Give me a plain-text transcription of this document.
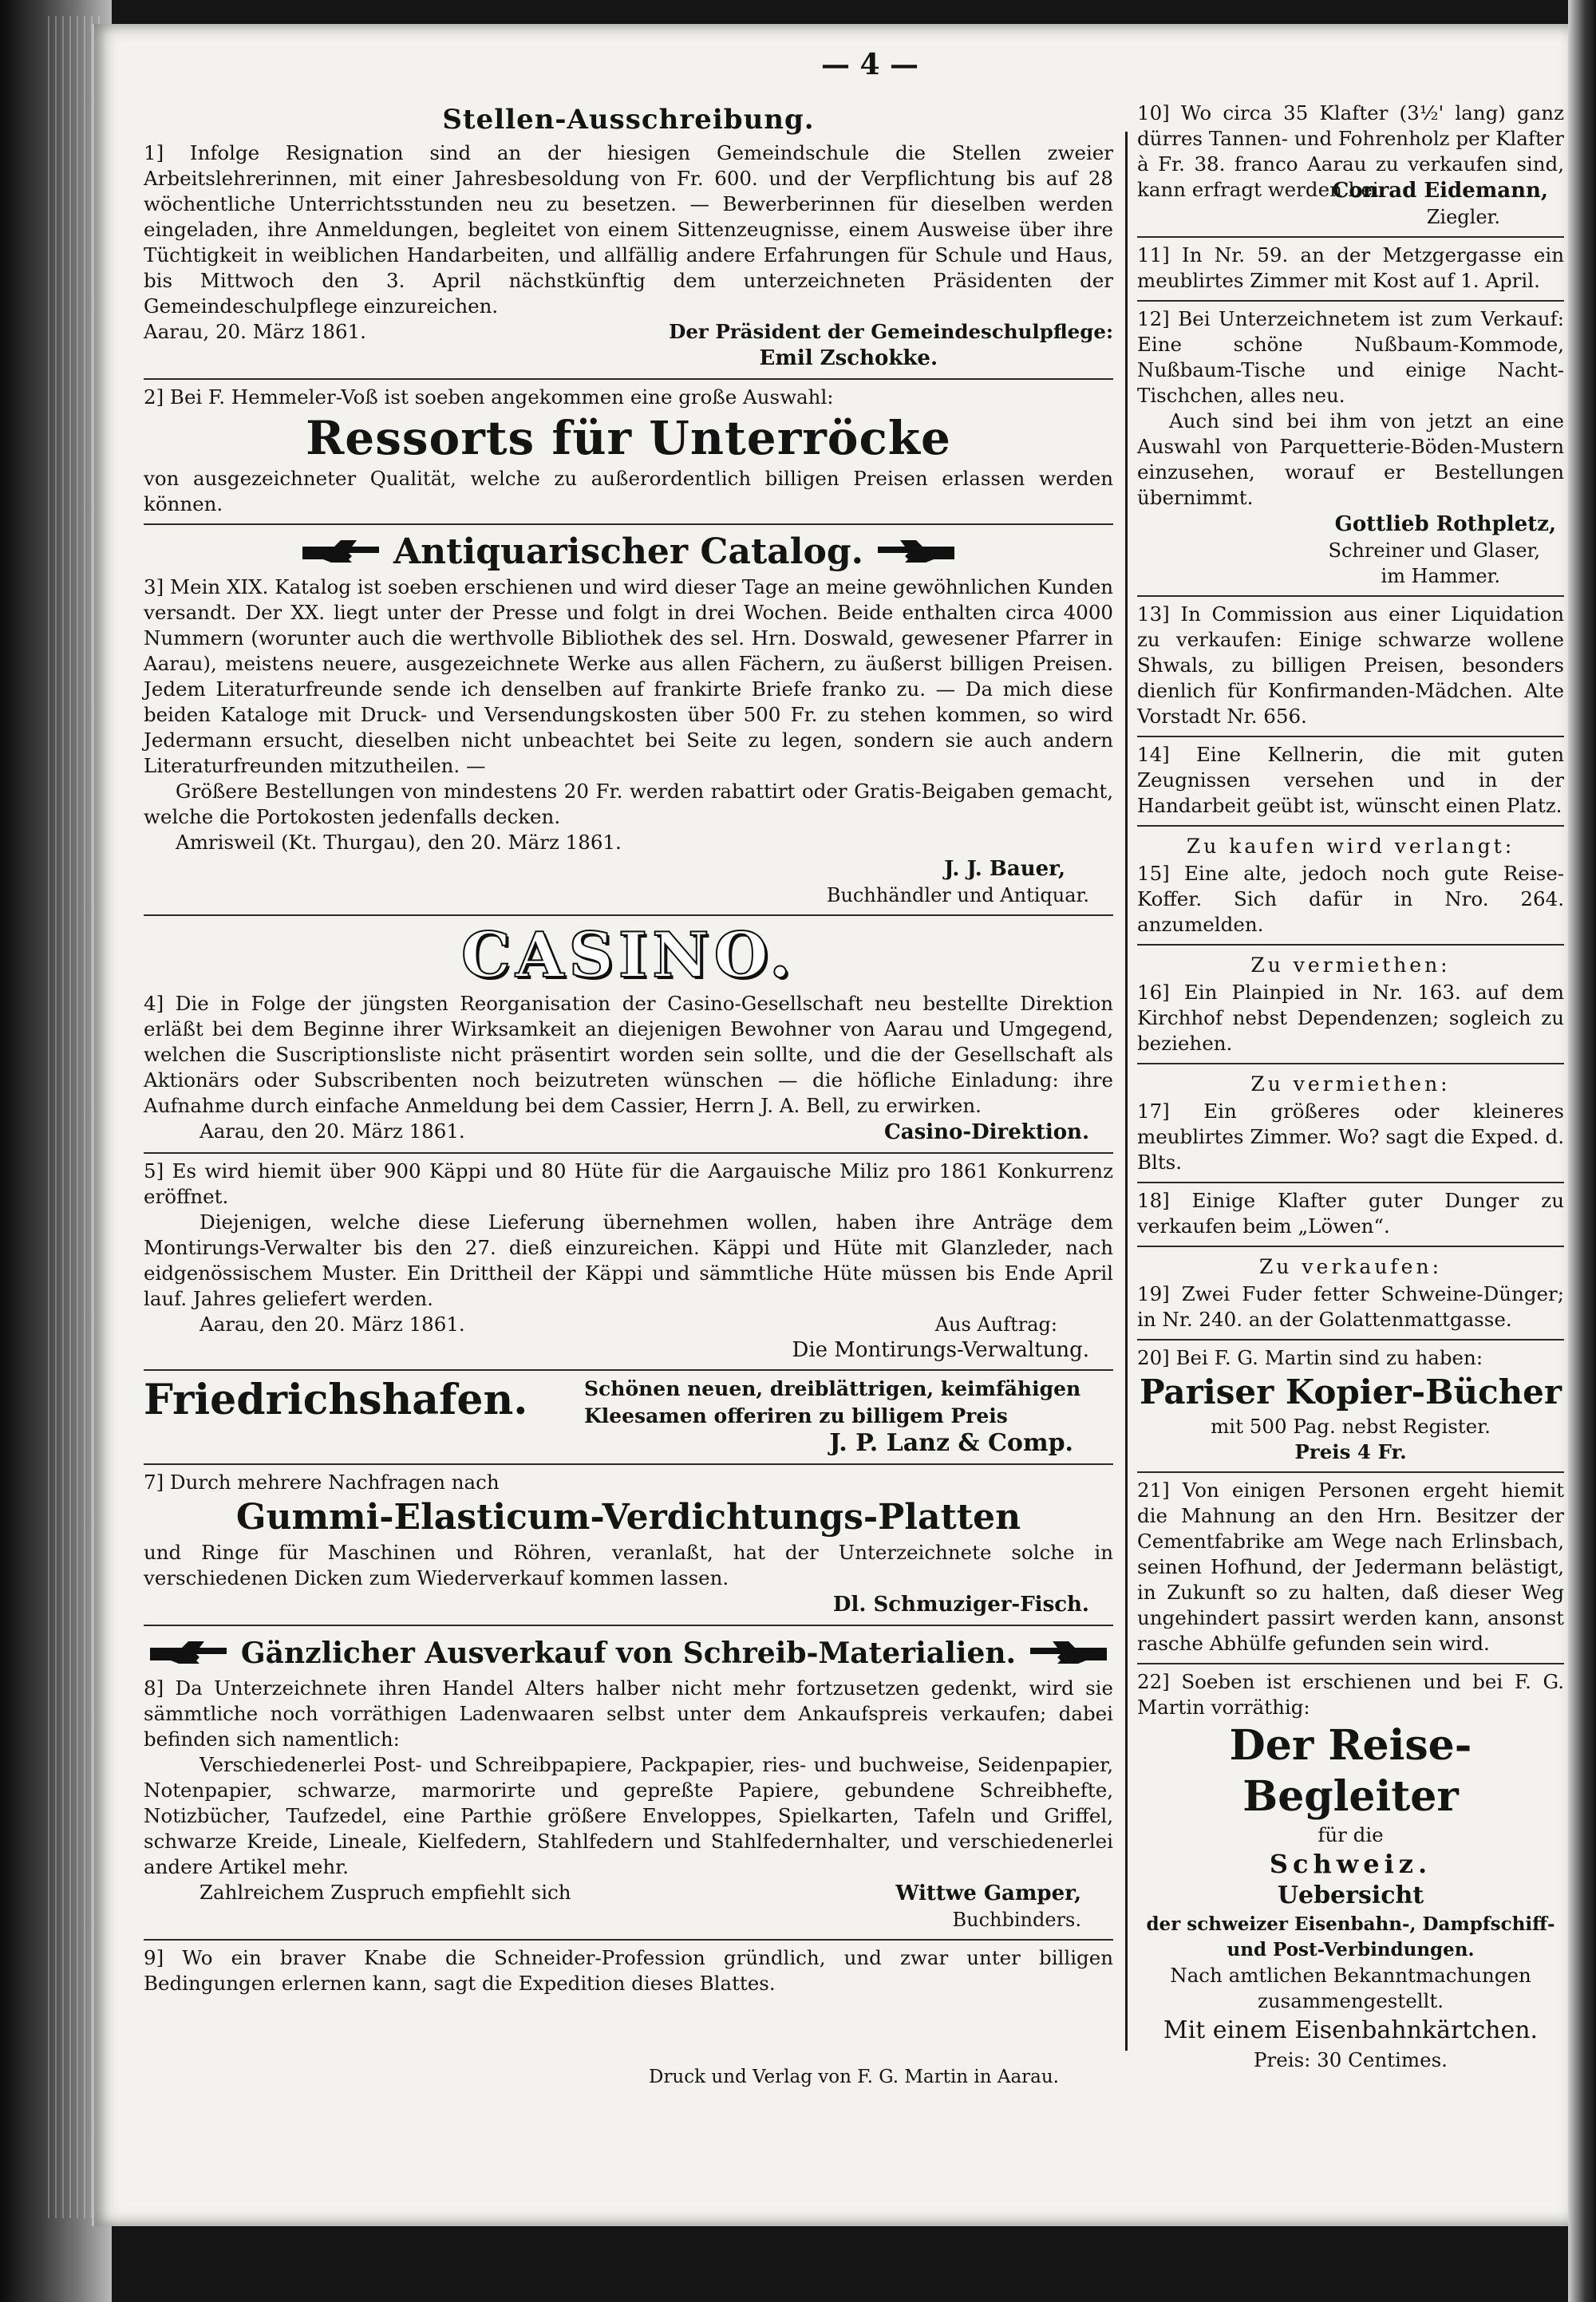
— 4 —
Stellen-Ausschreibung.

1] Infolge Resignation sind an der hiesigen Gemeindschule die Stellen zweier Arbeitslehrerinnen, mit einer Jahresbesoldung von Fr. 600. und der Verpflichtung bis auf 28 wöchentliche Unterrichtsstunden neu zu besetzen. — Bewerberinnen für dieselben werden eingeladen, ihre Anmeldungen, begleitet von einem Sittenzeugnisse, einem Ausweise über ihre Tüchtigkeit in weiblichen Handarbeiten, und allfällig andere Erfahrungen für Schule und Haus, bis Mittwoch den 3. April nächstkünftig dem unterzeichneten Präsidenten der Gemeindeschulpflege einzureichen.

Aarau, 20. März 1861.	Der Präsident der Gemeindeschulpflege:
Emil Zschokke.

2] Bei F. Hemmeler-Voß ist soeben angekommen eine große Auswahl:

Ressorts für Unterröcke

von ausgezeichneter Qualität, welche zu außerordentlich billigen Preisen erlassen werden können.

Antiquarischer Catalog.

3] Mein XIX. Katalog ist soeben erschienen und wird dieser Tage an meine gewöhnlichen Kunden versandt. Der XX. liegt unter der Presse und folgt in drei Wochen. Beide enthalten circa 4000 Nummern (worunter auch die werthvolle Bibliothek des sel. Hrn. Doswald, gewesener Pfarrer in Aarau), meistens neuere, ausgezeichnete Werke aus allen Fächern, zu äußerst billigen Preisen. Jedem Literaturfreunde sende ich denselben auf frankirte Briefe franko zu. — Da mich diese beiden Kataloge mit Druck- und Versendungskosten über 500 Fr. zu stehen kommen, so wird Jedermann ersucht, dieselben nicht unbeachtet bei Seite zu legen, sondern sie auch andern Literaturfreunden mitzutheilen. —

Größere Bestellungen von mindestens 20 Fr. werden rabattirt oder Gratis-Beigaben gemacht, welche die Portokosten jedenfalls decken.

Amrisweil (Kt. Thurgau), den 20. März 1861.

J. J. Bauer,
Buchhändler und Antiquar.
CASINO.

4] Die in Folge der jüngsten Reorganisation der Casino-Gesellschaft neu bestellte Direktion erläßt bei dem Beginne ihrer Wirksamkeit an diejenigen Bewohner von Aarau und Umgegend, welchen die Suscriptionsliste nicht präsentirt worden sein sollte, und die der Gesellschaft als Aktionärs oder Subscribenten noch beizutreten wünschen — die höfliche Einladung: ihre Aufnahme durch einfache Anmeldung bei dem Cassier, Herrn J. A. Bell, zu erwirken.

Aarau, den 20. März 1861.	Casino-Direktion.

5] Es wird hiemit über 900 Käppi und 80 Hüte für die Aargauische Miliz pro 1861 Konkurrenz eröffnet.

Diejenigen, welche diese Lieferung übernehmen wollen, haben ihre Anträge dem Montirungs-Verwalter bis den 27. dieß einzureichen. Käppi und Hüte mit Glanzleder, nach eidgenössischem Muster. Ein Drittheil der Käppi und sämmtliche Hüte müssen bis Ende April lauf. Jahres geliefert werden.

Aarau, den 20. März 1861.	Aus Auftrag:
Die Montirungs-Verwaltung.
Friedrichshafen.	Schönen neuen, dreiblättrigen, keimfähigen Kleesamen offeriren zu billigem Preis
J. P. Lanz & Comp.

7] Durch mehrere Nachfragen nach

Gummi-Elasticum-Verdichtungs-Platten

und Ringe für Maschinen und Röhren, veranlaßt, hat der Unterzeichnete solche in verschiedenen Dicken zum Wiederverkauf kommen lassen.

Dl. Schmuziger-Fisch.
Gänzlicher Ausverkauf von Schreib-Materialien.

8] Da Unterzeichnete ihren Handel Alters halber nicht mehr fortzusetzen gedenkt, wird sie sämmtliche noch vorräthigen Ladenwaaren selbst unter dem Ankaufspreis verkaufen; dabei befinden sich namentlich:

Verschiedenerlei Post- und Schreibpapiere, Packpapier, ries- und buchweise, Seidenpapier, Notenpapier, schwarze, marmorirte und gepreßte Papiere, gebundene Schreibhefte, Notizbücher, Taufzedel, eine Parthie größere Enveloppes, Spielkarten, Tafeln und Griffel, schwarze Kreide, Lineale, Kielfedern, Stahlfedern und Stahlfedernhalter, und verschiedenerlei andere Artikel mehr.

Zahlreichem Zuspruch empfiehlt sich	Wittwe Gamper,
Buchbinders.

9] Wo ein braver Knabe die Schneider-Profession gründlich, und zwar unter billigen Bedingungen erlernen kann, sagt die Expedition dieses Blattes.

10] Wo circa 35 Klafter (3½' lang) ganz dürres Tannen- und Fohrenholz per Klafter à Fr. 38. franco Aarau zu verkaufen sind, kann erfragt werden bei

Conrad Eidemann,
Ziegler.

11] In Nr. 59. an der Metzgergasse ein meublirtes Zimmer mit Kost auf 1. April.

12] Bei Unterzeichnetem ist zum Verkauf: Eine schöne Nußbaum-Kommode, Nußbaum-Tische und einige Nacht-Tischchen, alles neu.

Auch sind bei ihm von jetzt an eine Auswahl von Parquetterie-Böden-Mustern einzusehen, worauf er Bestellungen übernimmt.

Gottlieb Rothpletz,
Schreiner und Glaser,
im Hammer.

13] In Commission aus einer Liquidation zu verkaufen: Einige schwarze wollene Shwals, zu billigen Preisen, besonders dienlich für Konfirmanden-Mädchen. Alte Vorstadt Nr. 656.

14] Eine Kellnerin, die mit guten Zeugnissen versehen und in der Handarbeit geübt ist, wünscht einen Platz.

Zu kaufen wird verlangt:

15] Eine alte, jedoch noch gute Reise-Koffer. Sich dafür in Nro. 264. anzumelden.

Zu vermiethen:

16] Ein Plainpied in Nr. 163. auf dem Kirchhof nebst Dependenzen; sogleich zu beziehen.

Zu vermiethen:

17] Ein größeres oder kleineres meublirtes Zimmer. Wo? sagt die Exped. d. Blts.

18] Einige Klafter guter Dunger zu verkaufen beim „Löwen“.

Zu verkaufen:

19] Zwei Fuder fetter Schweine-Dünger; in Nr. 240. an der Golattenmattgasse.

20] Bei F. G. Martin sind zu haben:

Pariser Kopier-Bücher

mit 500 Pag. nebst Register.

Preis 4 Fr.

21] Von einigen Personen ergeht hiemit die Mahnung an den Hrn. Besitzer der Cementfabrike am Wege nach Erlinsbach, seinen Hofhund, der Jedermann belästigt, in Zukunft so zu halten, daß dieser Weg ungehindert passirt werden kann, ansonst rasche Abhülfe gefunden sein wird.

22] Soeben ist erschienen und bei F. G. Martin vorräthig:

Der Reise-Begleiter

für die

Schweiz.

Uebersicht

der schweizer Eisenbahn-, Dampfschiff- und Post-Verbindungen.

Nach amtlichen Bekanntmachungen zusammengestellt.

Mit einem Eisenbahnkärtchen.

Preis: 30 Centimes.

Druck und Verlag von F. G. Martin in Aarau.
